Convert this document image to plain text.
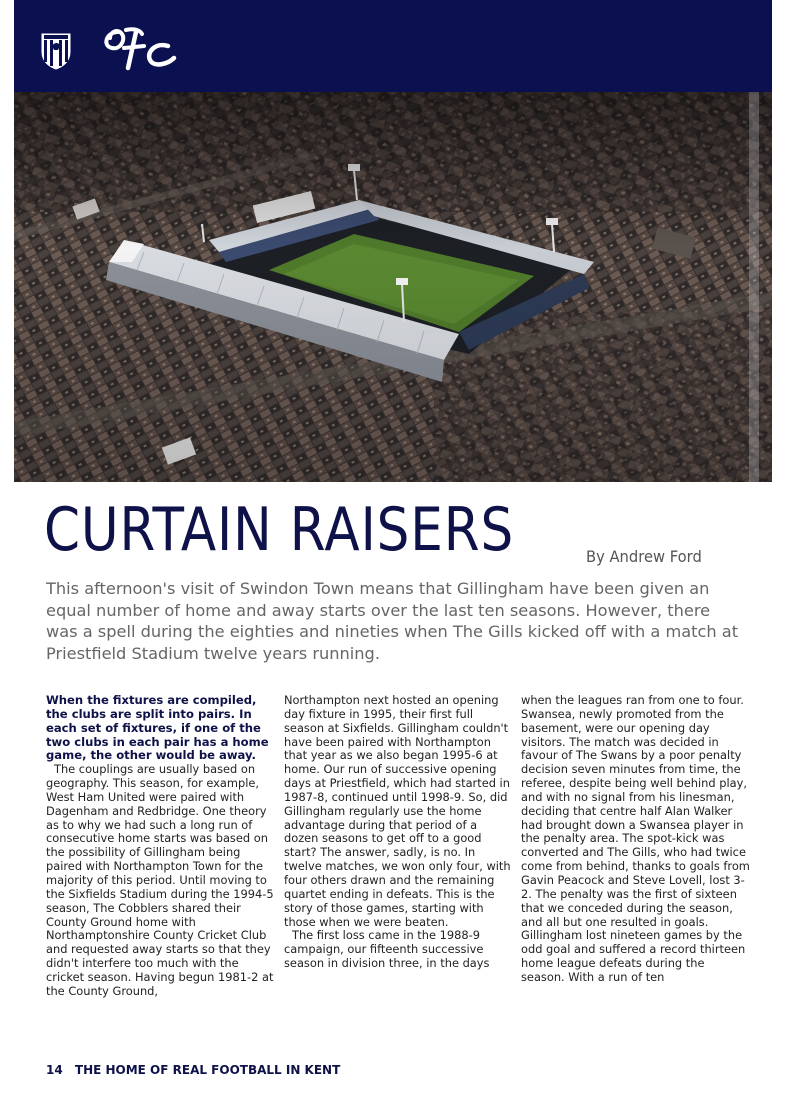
CURTAIN RAISERS	By Andrew Ford

This afternoon's visit of Swindon Town means that Gillingham have been given an equal number of home and away starts over the last ten seasons. However, there was a spell during the eighties and nineties when The Gills kicked off with a match at Priestfield Stadium twelve years running.

When the fixtures are compiled, the clubs are split into pairs. In each set of fixtures, if one of the two clubs in each pair has a home game, the other would be away.

The couplings are usually based on geography. This season, for example, West Ham United were paired with Dagenham and Redbridge. One theory as to why we had such a long run of consecutive home starts was based on the possibility of Gillingham being paired with Northampton Town for the majority of this period. Until moving to the Sixfields Stadium during the 1994-5 season, The Cobblers shared their County Ground home with Northamptonshire County Cricket Club and requested away starts so that they didn't interfere too much with the cricket season. Having begun 1981-2 at the County Ground,

Northampton next hosted an opening day fixture in 1995, their first full season at Sixfields. Gillingham couldn't have been paired with Northampton that year as we also began 1995-6 at home. Our run of successive opening days at Priestfield, which had started in 1987-8, continued until 1998-9. So, did Gillingham regularly use the home advantage during that period of a dozen seasons to get off to a good start? The answer, sadly, is no. In twelve matches, we won only four, with four others drawn and the remaining quartet ending in defeats. This is the story of those games, starting with those when we were beaten.

The first loss came in the 1988-9 campaign, our fifteenth successive season in division three, in the days

when the leagues ran from one to four. Swansea, newly promoted from the basement, were our opening day visitors. The match was decided in favour of The Swans by a poor penalty decision seven minutes from time, the referee, despite being well behind play, and with no signal from his linesman, deciding that centre half Alan Walker had brought down a Swansea player in the penalty area. The spot-kick was converted and The Gills, who had twice come from behind, thanks to goals from Gavin Peacock and Steve Lovell, lost 3-2. The penalty was the first of sixteen that we conceded during the season, and all but one resulted in goals. Gillingham lost nineteen games by the odd goal and suffered a record thirteen home league defeats during the season. With a run of ten

14 THE HOME OF REAL FOOTBALL IN KENT
